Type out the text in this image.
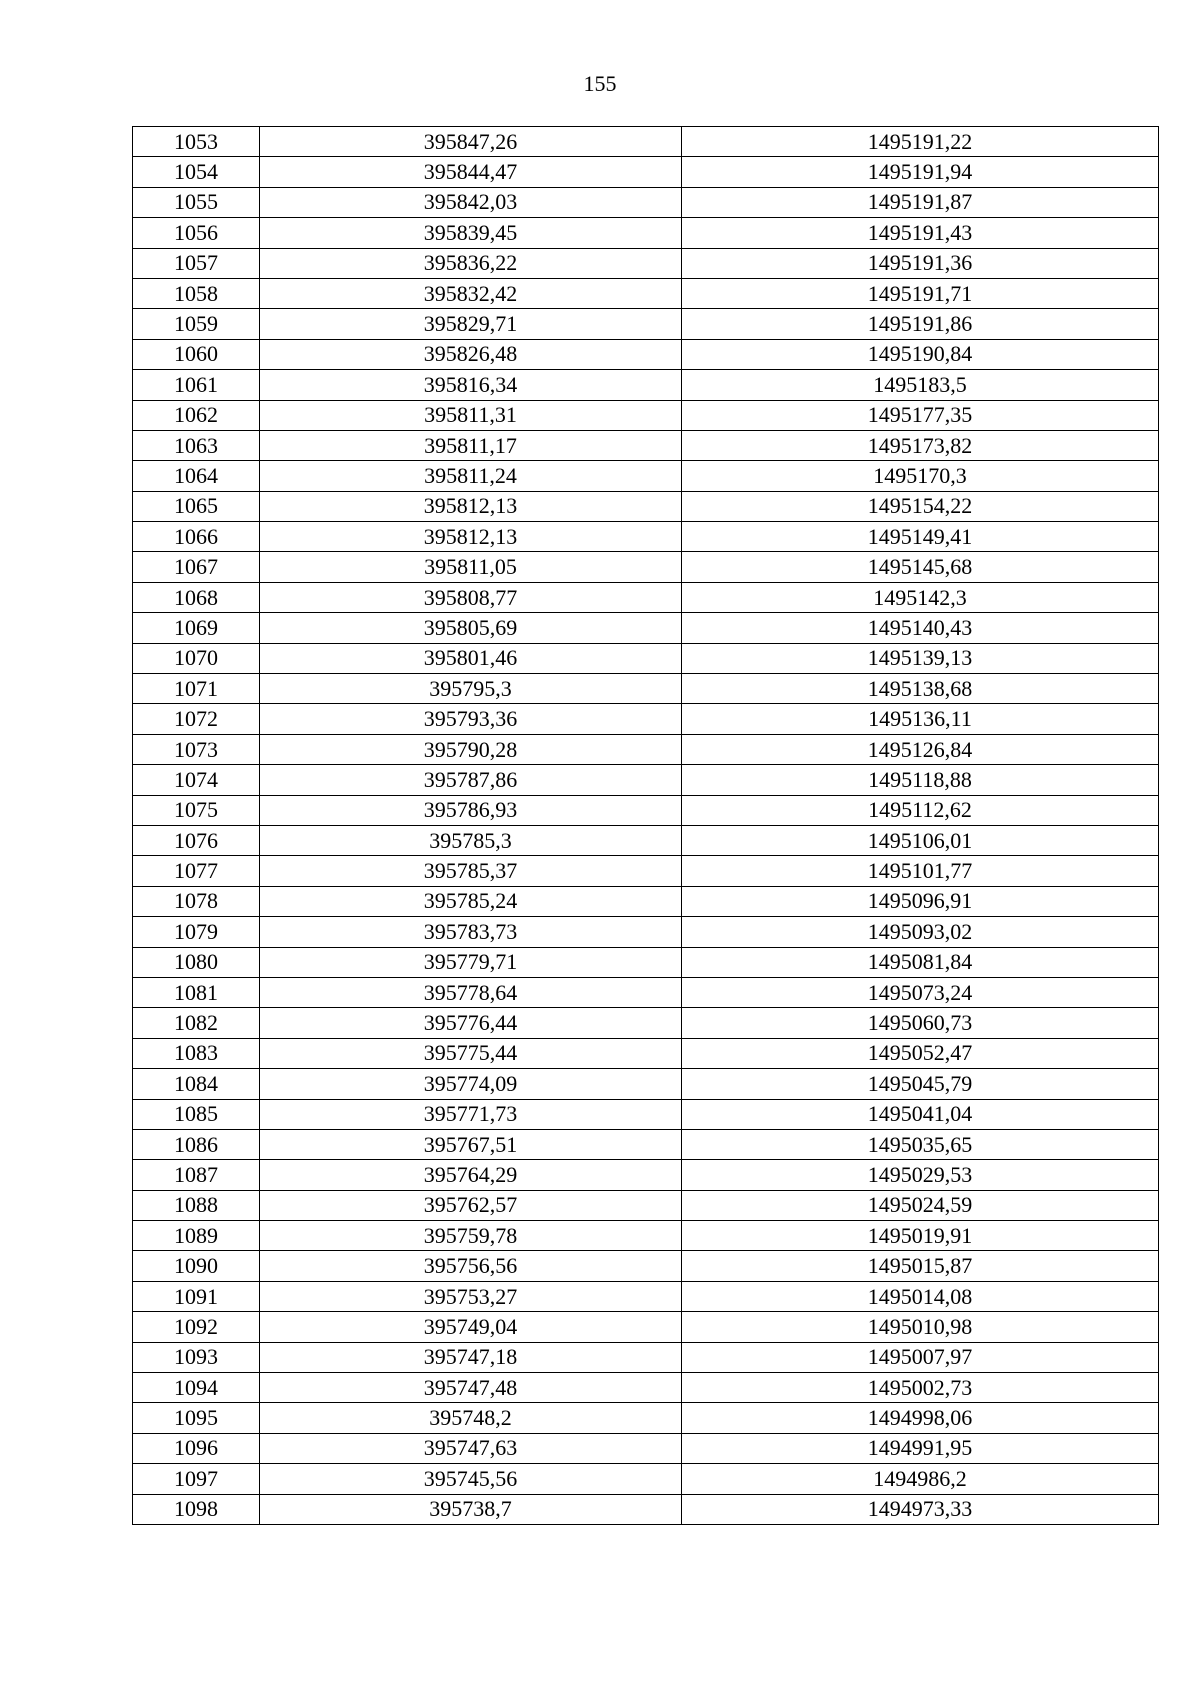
155
1053	395847,26	1495191,22
1054	395844,47	1495191,94
1055	395842,03	1495191,87
1056	395839,45	1495191,43
1057	395836,22	1495191,36
1058	395832,42	1495191,71
1059	395829,71	1495191,86
1060	395826,48	1495190,84
1061	395816,34	1495183,5
1062	395811,31	1495177,35
1063	395811,17	1495173,82
1064	395811,24	1495170,3
1065	395812,13	1495154,22
1066	395812,13	1495149,41
1067	395811,05	1495145,68
1068	395808,77	1495142,3
1069	395805,69	1495140,43
1070	395801,46	1495139,13
1071	395795,3	1495138,68
1072	395793,36	1495136,11
1073	395790,28	1495126,84
1074	395787,86	1495118,88
1075	395786,93	1495112,62
1076	395785,3	1495106,01
1077	395785,37	1495101,77
1078	395785,24	1495096,91
1079	395783,73	1495093,02
1080	395779,71	1495081,84
1081	395778,64	1495073,24
1082	395776,44	1495060,73
1083	395775,44	1495052,47
1084	395774,09	1495045,79
1085	395771,73	1495041,04
1086	395767,51	1495035,65
1087	395764,29	1495029,53
1088	395762,57	1495024,59
1089	395759,78	1495019,91
1090	395756,56	1495015,87
1091	395753,27	1495014,08
1092	395749,04	1495010,98
1093	395747,18	1495007,97
1094	395747,48	1495002,73
1095	395748,2	1494998,06
1096	395747,63	1494991,95
1097	395745,56	1494986,2
1098	395738,7	1494973,33
